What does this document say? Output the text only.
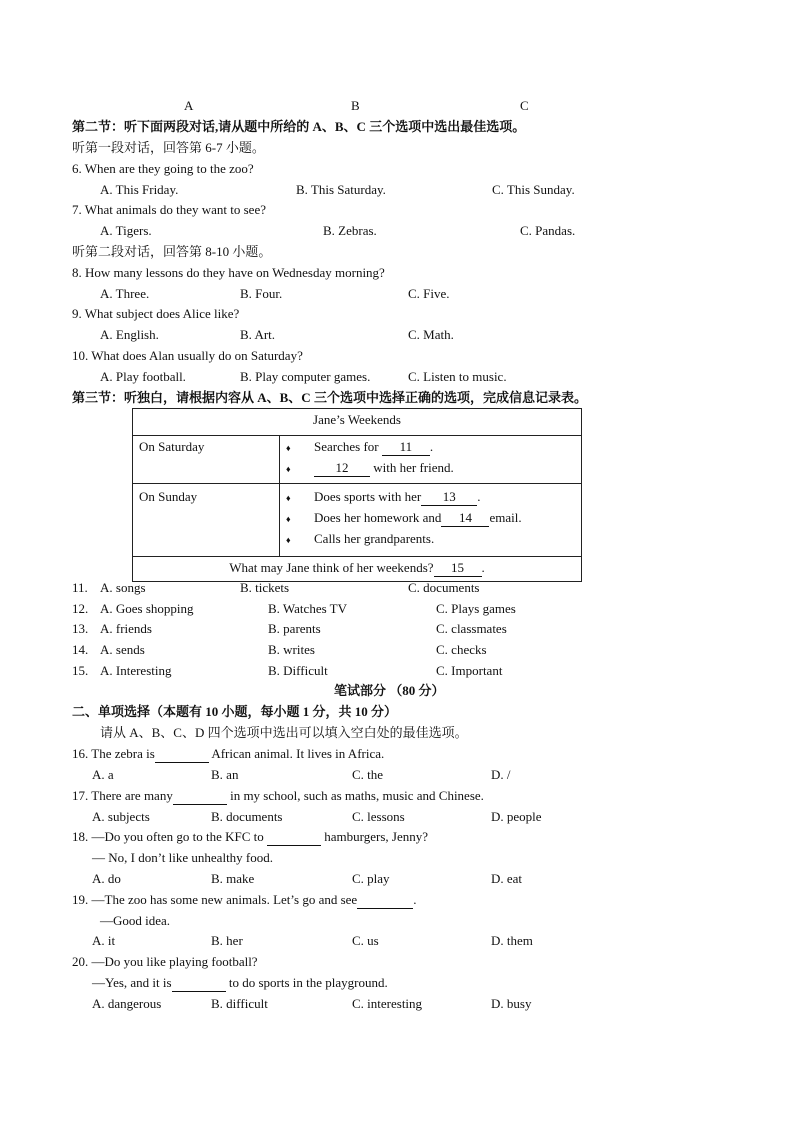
A	B	C
第二节：听下面两段对话,请从题中所给的 A、B、C 三个选项中选出最佳选项。
听第一段对话，回答第 6-7 小题。
6. When are they going to the zoo?
A. This Friday.	B. This Saturday.	C. This Sunday.
7. What animals do they want to see?
A. Tigers.	B. Zebras.	C. Pandas.
听第二段对话，回答第 8-10 小题。
8. How many lessons do they have on Wednesday morning?
A. Three.	B. Four.	C. Five.
9. What subject does Alice like?
A. English.	B. Art.	C. Math.
10. What does Alan usually do on Saturday?
A. Play football.	B. Play computer games.	C. Listen to music.
第三节：听独白，请根据内容从 A、B、C 三个选项中选择正确的选项，完成信息记录表。
Jane’s Weekends	
On Saturday	♦ Searches for 11 .
♦ 12 with her friend.

On Sunday	♦ Does sports with her 13 .
♦ Does her homework and 14 email.
♦ Calls her grandparents.

What may Jane think of her weekends? 15 .	
11. A. songs	B. tickets	C. documents
12. A. Goes shopping	B. Watches TV	C. Plays games
13. A. friends	B. parents	C. classmates
14. A. sends	B. writes	C. checks
15. A. Interesting	B. Difficult	C. Important
笔试部分 （80 分）
二、单项选择（本题有 10 小题，每小题 1 分，共 10 分）
请从 A、B、C、D 四个选项中选出可以填入空白处的最佳选项。
16. The zebra is	African animal. It lives in Africa.
A. a	B. an	C. the	D. /
17. There are many	in my school, such as maths, music and Chinese.
A. subjects	B. documents	C. lessons	D. people
18. —Do you often go to the KFC to	hamburgers, Jenny?
— No, I don’t like unhealthy food.
A. do	B. make	C. play	D. eat
19. —The zoo has some new animals. Let’s go and see	.
—Good idea.
A. it	B. her	C. us	D. them
20. —Do you like playing football?
—Yes, and it is	to do sports in the playground.
A. dangerous	B. difficult	C. interesting	D. busy
